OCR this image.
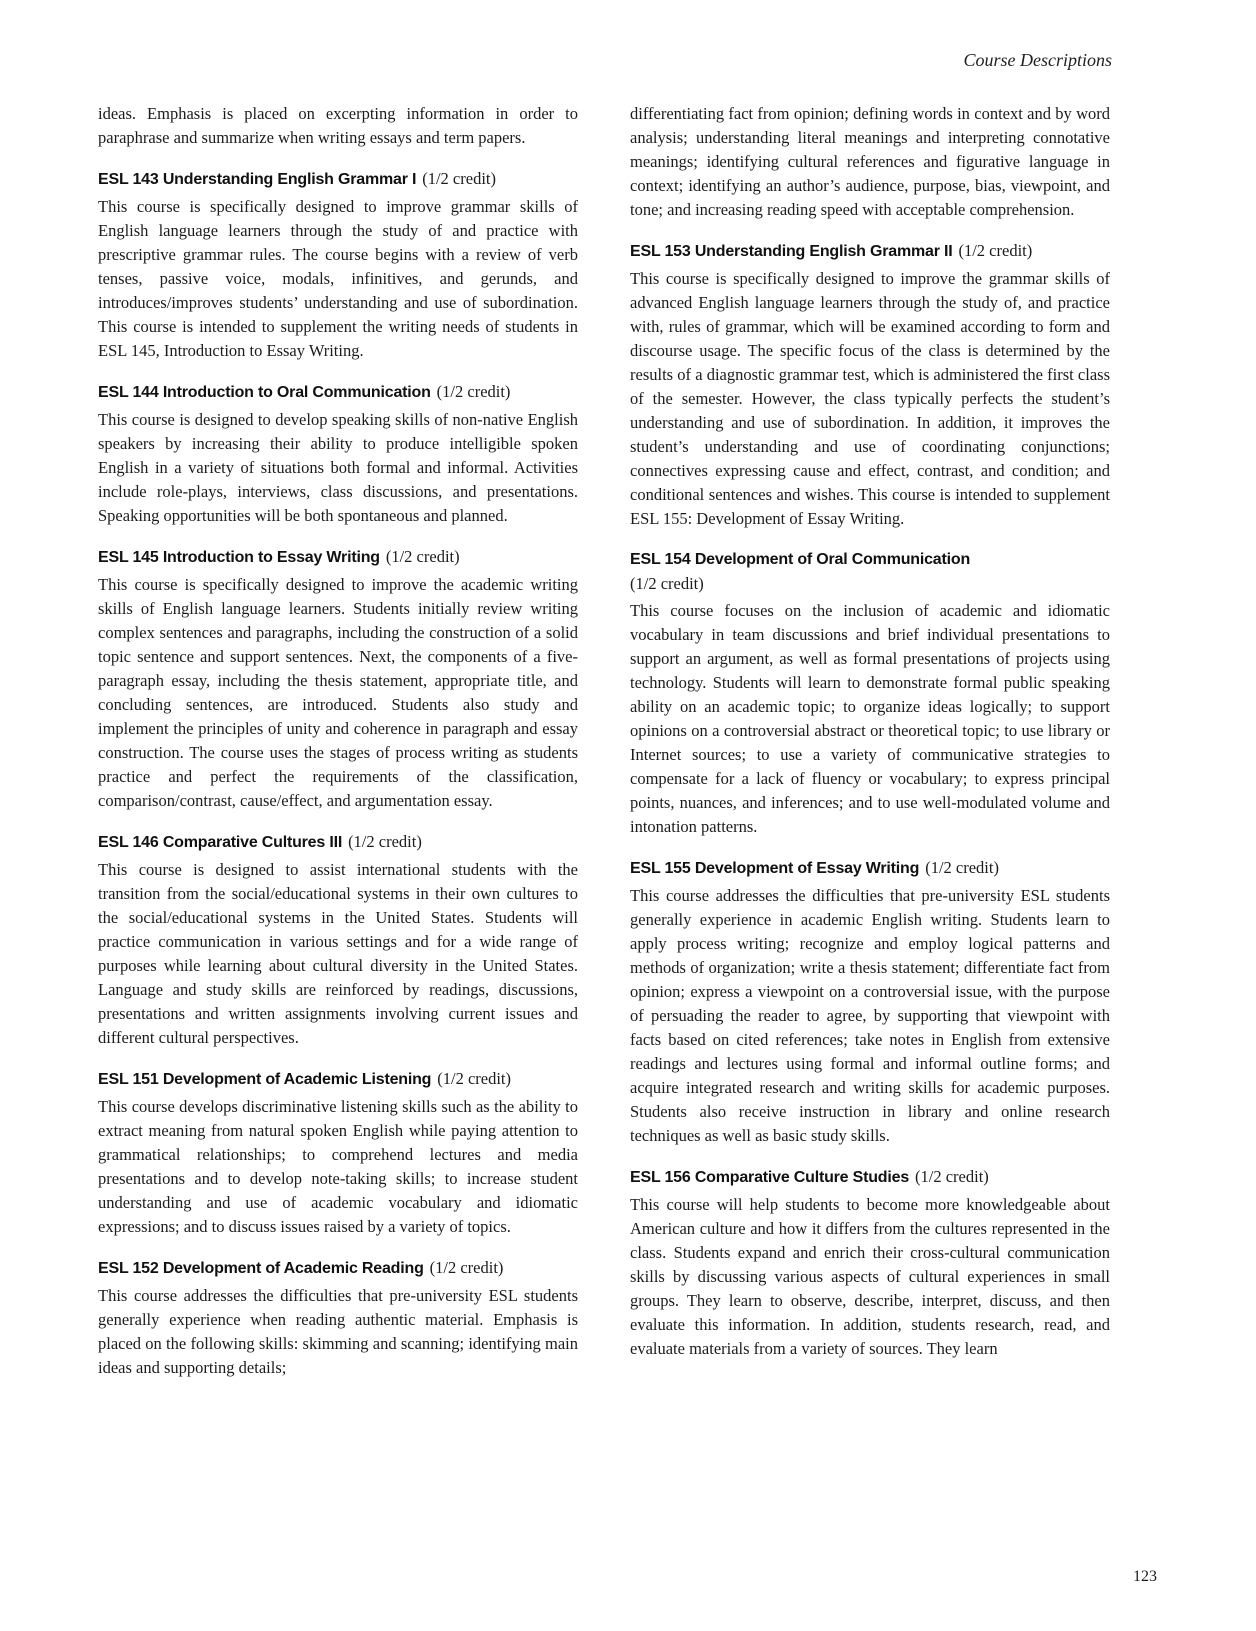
Course Descriptions

ideas. Emphasis is placed on excerpting information in order to paraphrase and summarize when writing essays and term papers.

ESL 143 Understanding English Grammar I (1/2 credit)

This course is specifically designed to improve grammar skills of English language learners through the study of and practice with prescriptive grammar rules. The course begins with a review of verb tenses, passive voice, modals, infinitives, and gerunds, and introduces/improves students’ understanding and use of subordination. This course is intended to supplement the writing needs of students in ESL 145, Introduction to Essay Writing.

ESL 144 Introduction to Oral Communication (1/2 credit)

This course is designed to develop speaking skills of non-native English speakers by increasing their ability to produce intelligible spoken English in a variety of situations both formal and informal. Activities include role-plays, interviews, class discussions, and presentations. Speaking opportunities will be both spontaneous and planned.

ESL 145 Introduction to Essay Writing (1/2 credit)

This course is specifically designed to improve the academic writing skills of English language learners. Students initially review writing complex sentences and paragraphs, including the construction of a solid topic sentence and support sentences. Next, the components of a five-paragraph essay, including the thesis statement, appropriate title, and concluding sentences, are introduced. Students also study and implement the principles of unity and coherence in paragraph and essay construction. The course uses the stages of process writing as students practice and perfect the requirements of the classification, comparison/contrast, cause/effect, and argumentation essay.

ESL 146 Comparative Cultures III (1/2 credit)

This course is designed to assist international students with the transition from the social/educational systems in their own cultures to the social/educational systems in the United States. Students will practice communication in various settings and for a wide range of purposes while learning about cultural diversity in the United States. Language and study skills are reinforced by readings, discussions, presentations and written assignments involving current issues and different cultural perspectives.

ESL 151 Development of Academic Listening (1/2 credit)

This course develops discriminative listening skills such as the ability to extract meaning from natural spoken English while paying attention to grammatical relationships; to comprehend lectures and media presentations and to develop note-taking skills; to increase student understanding and use of academic vocabulary and idiomatic expressions; and to discuss issues raised by a variety of topics.

ESL 152 Development of Academic Reading (1/2 credit)

This course addresses the difficulties that pre-university ESL students generally experience when reading authentic material. Emphasis is placed on the following skills: skimming and scanning; identifying main ideas and supporting details;

differentiating fact from opinion; defining words in context and by word analysis; understanding literal meanings and interpreting connotative meanings; identifying cultural references and figurative language in context; identifying an author’s audience, purpose, bias, viewpoint, and tone; and increasing reading speed with acceptable comprehension.

ESL 153 Understanding English Grammar II (1/2 credit)

This course is specifically designed to improve the grammar skills of advanced English language learners through the study of, and practice with, rules of grammar, which will be examined according to form and discourse usage. The specific focus of the class is determined by the results of a diagnostic grammar test, which is administered the first class of the semester. However, the class typically perfects the student’s understanding and use of subordination. In addition, it improves the student’s understanding and use of coordinating conjunctions; connectives expressing cause and effect, contrast, and condition; and conditional sentences and wishes. This course is intended to supplement ESL 155: Development of Essay Writing.

ESL 154 Development of Oral Communication
(1/2 credit)

This course focuses on the inclusion of academic and idiomatic vocabulary in team discussions and brief individual presentations to support an argument, as well as formal presentations of projects using technology. Students will learn to demonstrate formal public speaking ability on an academic topic; to organize ideas logically; to support opinions on a controversial abstract or theoretical topic; to use library or Internet sources; to use a variety of communicative strategies to compensate for a lack of fluency or vocabulary; to express principal points, nuances, and inferences; and to use well-modulated volume and intonation patterns.

ESL 155 Development of Essay Writing (1/2 credit)

This course addresses the difficulties that pre-university ESL students generally experience in academic English writing. Students learn to apply process writing; recognize and employ logical patterns and methods of organization; write a thesis statement; differentiate fact from opinion; express a viewpoint on a controversial issue, with the purpose of persuading the reader to agree, by supporting that viewpoint with facts based on cited references; take notes in English from extensive readings and lectures using formal and informal outline forms; and acquire integrated research and writing skills for academic purposes. Students also receive instruction in library and online research techniques as well as basic study skills.

ESL 156 Comparative Culture Studies (1/2 credit)

This course will help students to become more knowledgeable about American culture and how it differs from the cultures represented in the class. Students expand and enrich their cross-cultural communication skills by discussing various aspects of cultural experiences in small groups. They learn to observe, describe, interpret, discuss, and then evaluate this information. In addition, students research, read, and evaluate materials from a variety of sources. They learn

123
